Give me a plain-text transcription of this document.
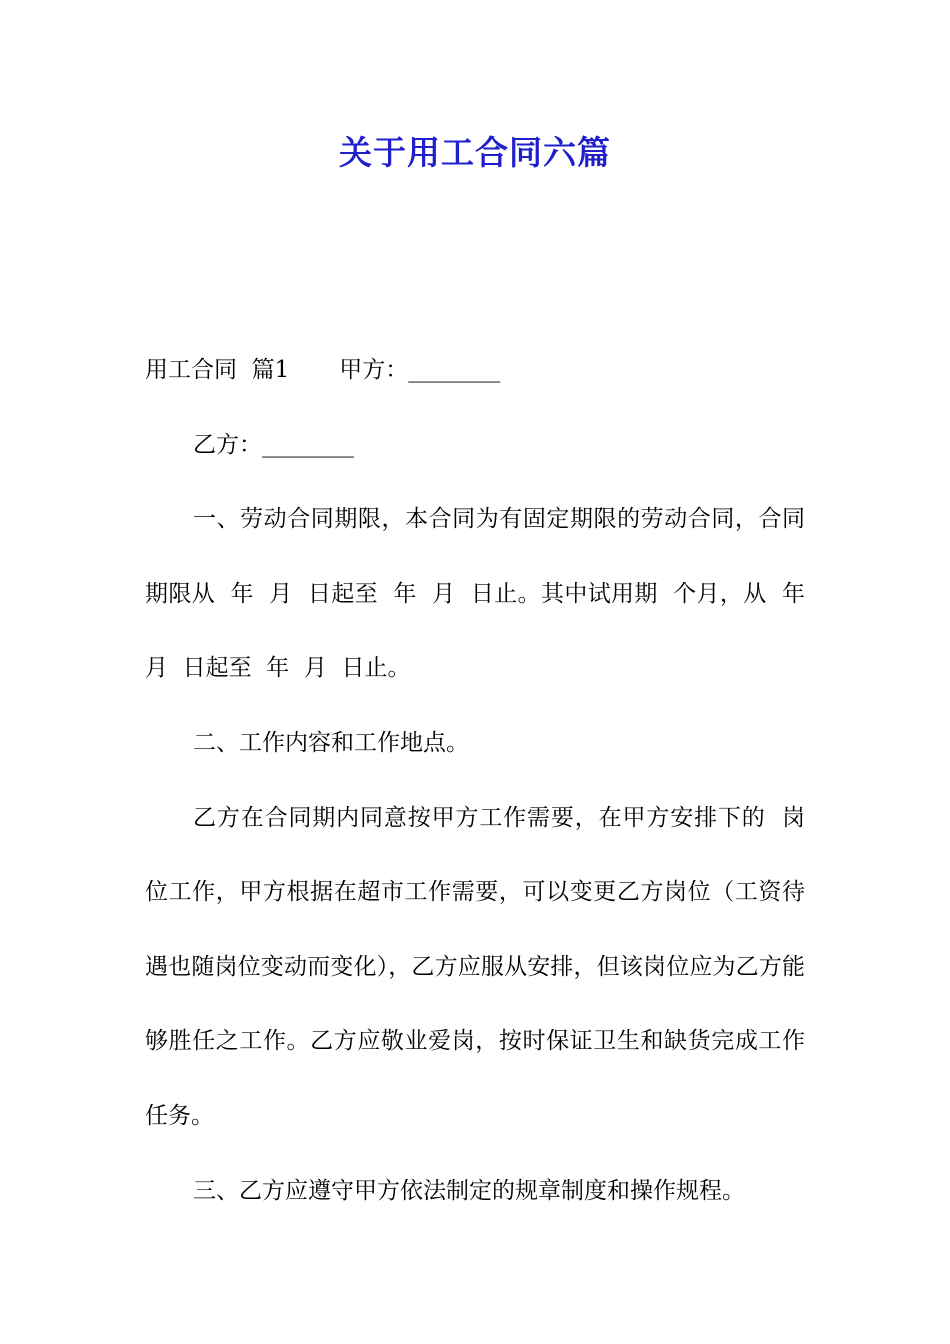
关于用工合同六篇

用工合同  篇1 甲方：________

乙方：________

一、劳动合同期限，本合同为有固定期限的劳动合同，合同期限从  年  月  日起至  年  月  日止。其中试用期  个月，从  年  月  日起至  年  月  日止。

二、工作内容和工作地点。

乙方在合同期内同意按甲方工作需要，在甲方安排下的  岗位工作，甲方根据在超市工作需要，可以变更乙方岗位（工资待遇也随岗位变动而变化），乙方应服从安排，但该岗位应为乙方能够胜任之工作。乙方应敬业爱岗，按时保证卫生和缺货完成工作任务。

三、乙方应遵守甲方依法制定的规章制度和操作规程。
